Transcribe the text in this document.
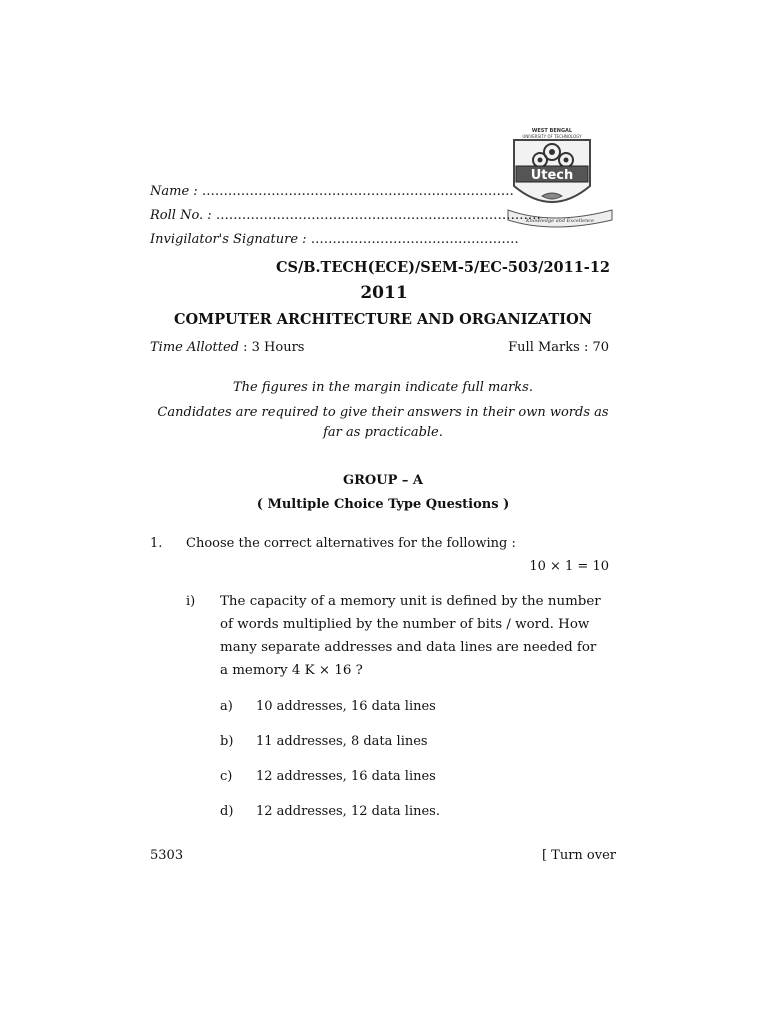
Utech
WEST BENGAL
UNIVERSITY OF TECHNOLOGY
Knowledge and Excellence
Name : ………………………………………………………………
Roll No. : …………………………………………………………………
Invigilator's Signature : …………………………………………
CS/B.TECH(ECE)/SEM-5/EC-503/2011-12
2011
COMPUTER ARCHITECTURE AND ORGANIZATION
Time Allotted : 3 Hours	Full Marks : 70
The figures in the margin indicate full marks.
Candidates are required to give their answers in their own words as
far as practicable.
GROUP – A
( Multiple Choice Type Questions )
1. Choose the correct alternatives for the following :
10 × 1 = 10
i) The capacity of a memory unit is defined by the number
of words multiplied by the number of bits / word. How
many separate addresses and data lines are needed for
a memory 4 K × 16 ?
a) 10 addresses, 16 data lines
b) 11 addresses, 8 data lines
c) 12 addresses, 16 data lines
d) 12 addresses, 12 data lines.
5303	[ Turn over
